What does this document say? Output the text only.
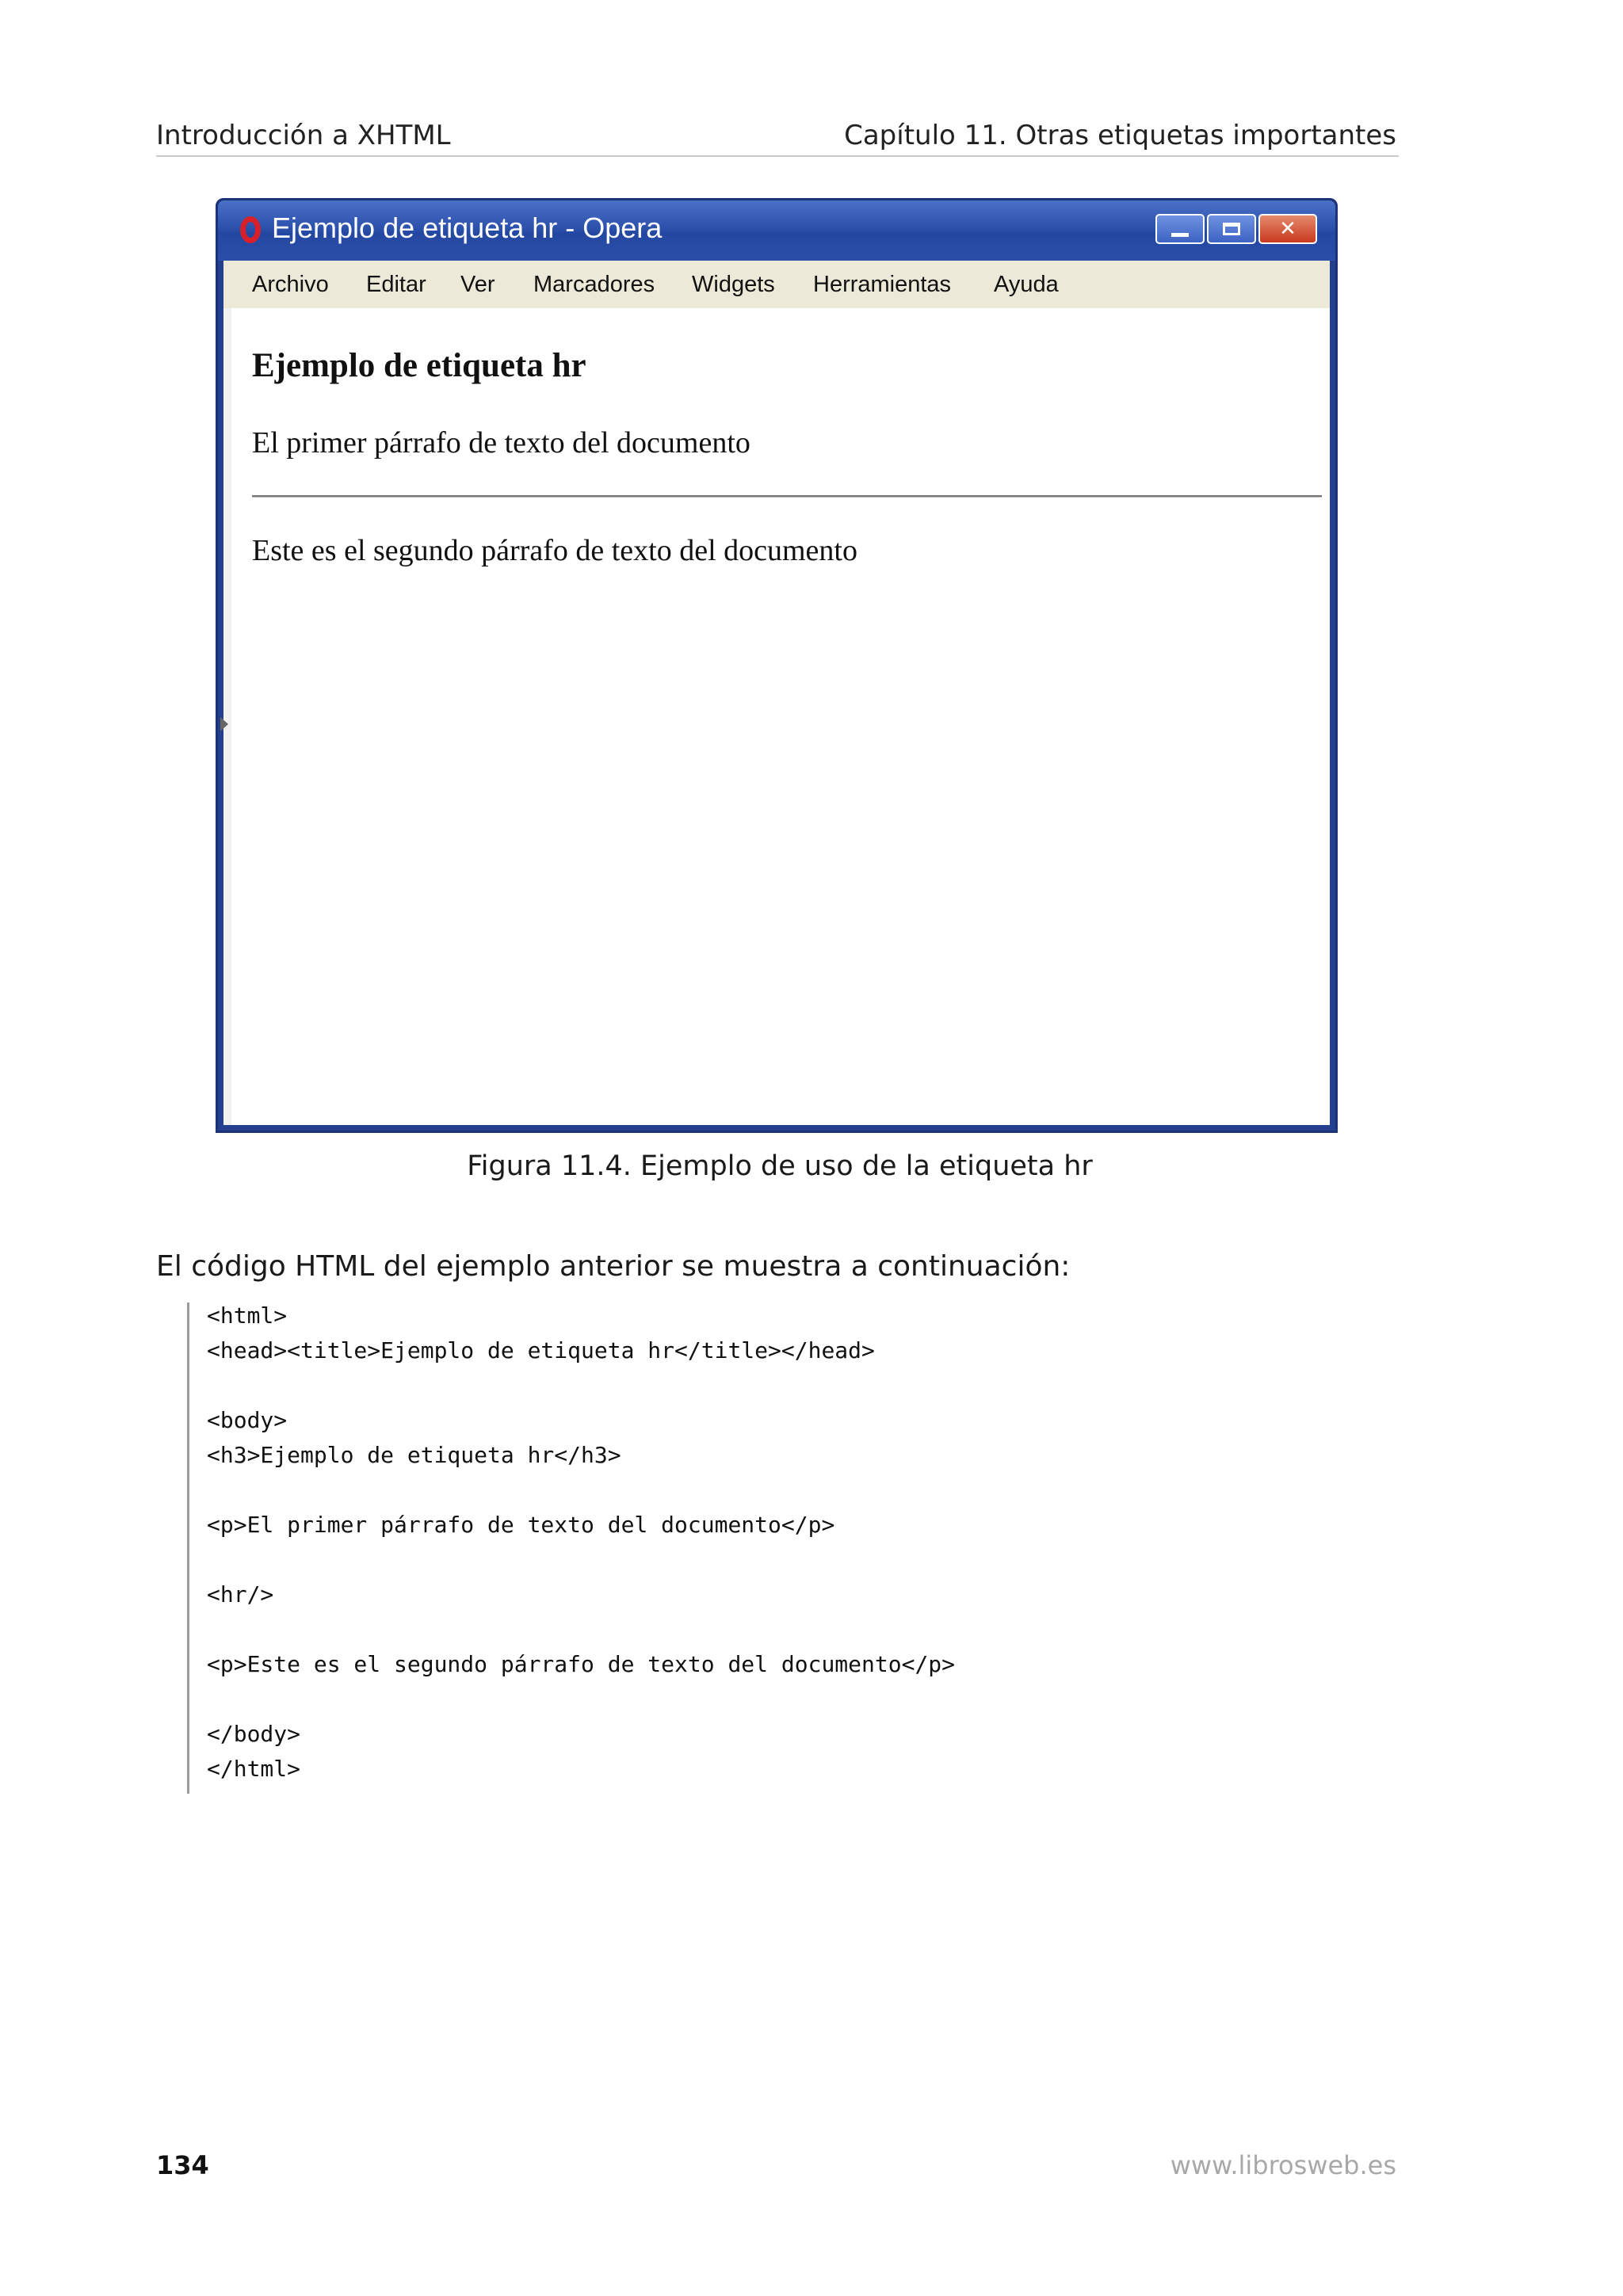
Introducción a XHTML	Capítulo 11. Otras etiquetas importantes
Ejemplo de etiqueta hr - Opera	✕
Archivo Editar Ver Marcadores Widgets Herramientas Ayuda
Ejemplo de etiqueta hr
El primer párrafo de texto del documento
Este es el segundo párrafo de texto del documento
Figura 11.4. Ejemplo de uso de la etiqueta hr
El código HTML del ejemplo anterior se muestra a continuación:
<html>
<head><title>Ejemplo de etiqueta hr</title></head>
<body>
<h3>Ejemplo de etiqueta hr</h3>
<p>El primer párrafo de texto del documento</p>
<hr/>
<p>Este es el segundo párrafo de texto del documento</p>
</body>
</html>
134	www.librosweb.es
